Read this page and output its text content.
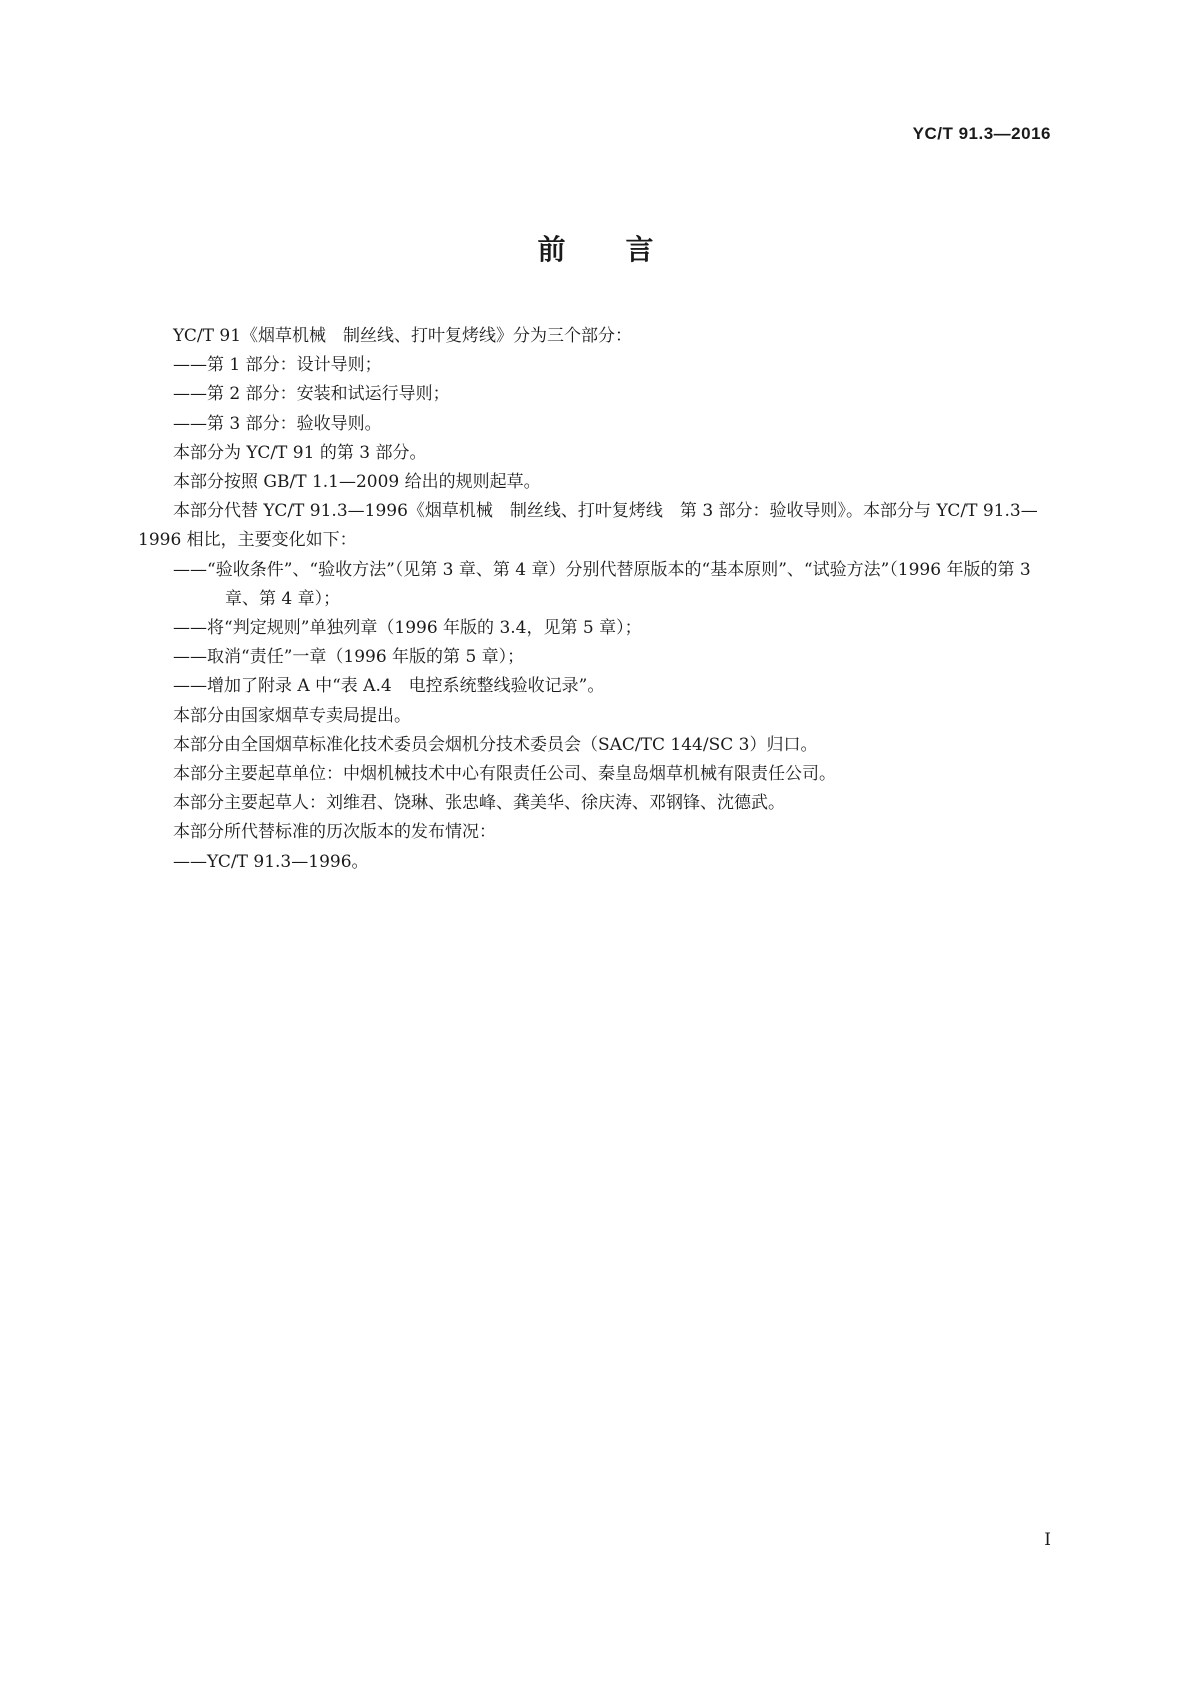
YC/T 91.3—2016
前言

YC/T 91《烟草机械　制丝线、打叶复烤线》分为三个部分：

——第 1 部分：设计导则；

——第 2 部分：安装和试运行导则；

——第 3 部分：验收导则。

本部分为 YC/T 91 的第 3 部分。

本部分按照 GB/T 1.1—2009 给出的规则起草。

本部分代替 YC/T 91.3—1996《烟草机械　制丝线、打叶复烤线　第 3 部分：验收导则》。本部分与 YC/T 91.3—1996 相比，主要变化如下：

——“验收条件”、“验收方法”（见第 3 章、第 4 章）分别代替原版本的“基本原则”、“试验方法”（1996 年版的第 3 章、第 4 章）；

——将“判定规则”单独列章（1996 年版的 3.4，见第 5 章）；

——取消“责任”一章（1996 年版的第 5 章）；

——增加了附录 A 中“表 A.4　电控系统整线验收记录”。

本部分由国家烟草专卖局提出。

本部分由全国烟草标准化技术委员会烟机分技术委员会（SAC/TC 144/SC 3）归口。

本部分主要起草单位：中烟机械技术中心有限责任公司、秦皇岛烟草机械有限责任公司。

本部分主要起草人：刘维君、饶琳、张忠峰、龚美华、徐庆涛、邓钢锋、沈德武。

本部分所代替标准的历次版本的发布情况：

——YC/T 91.3—1996。

I
